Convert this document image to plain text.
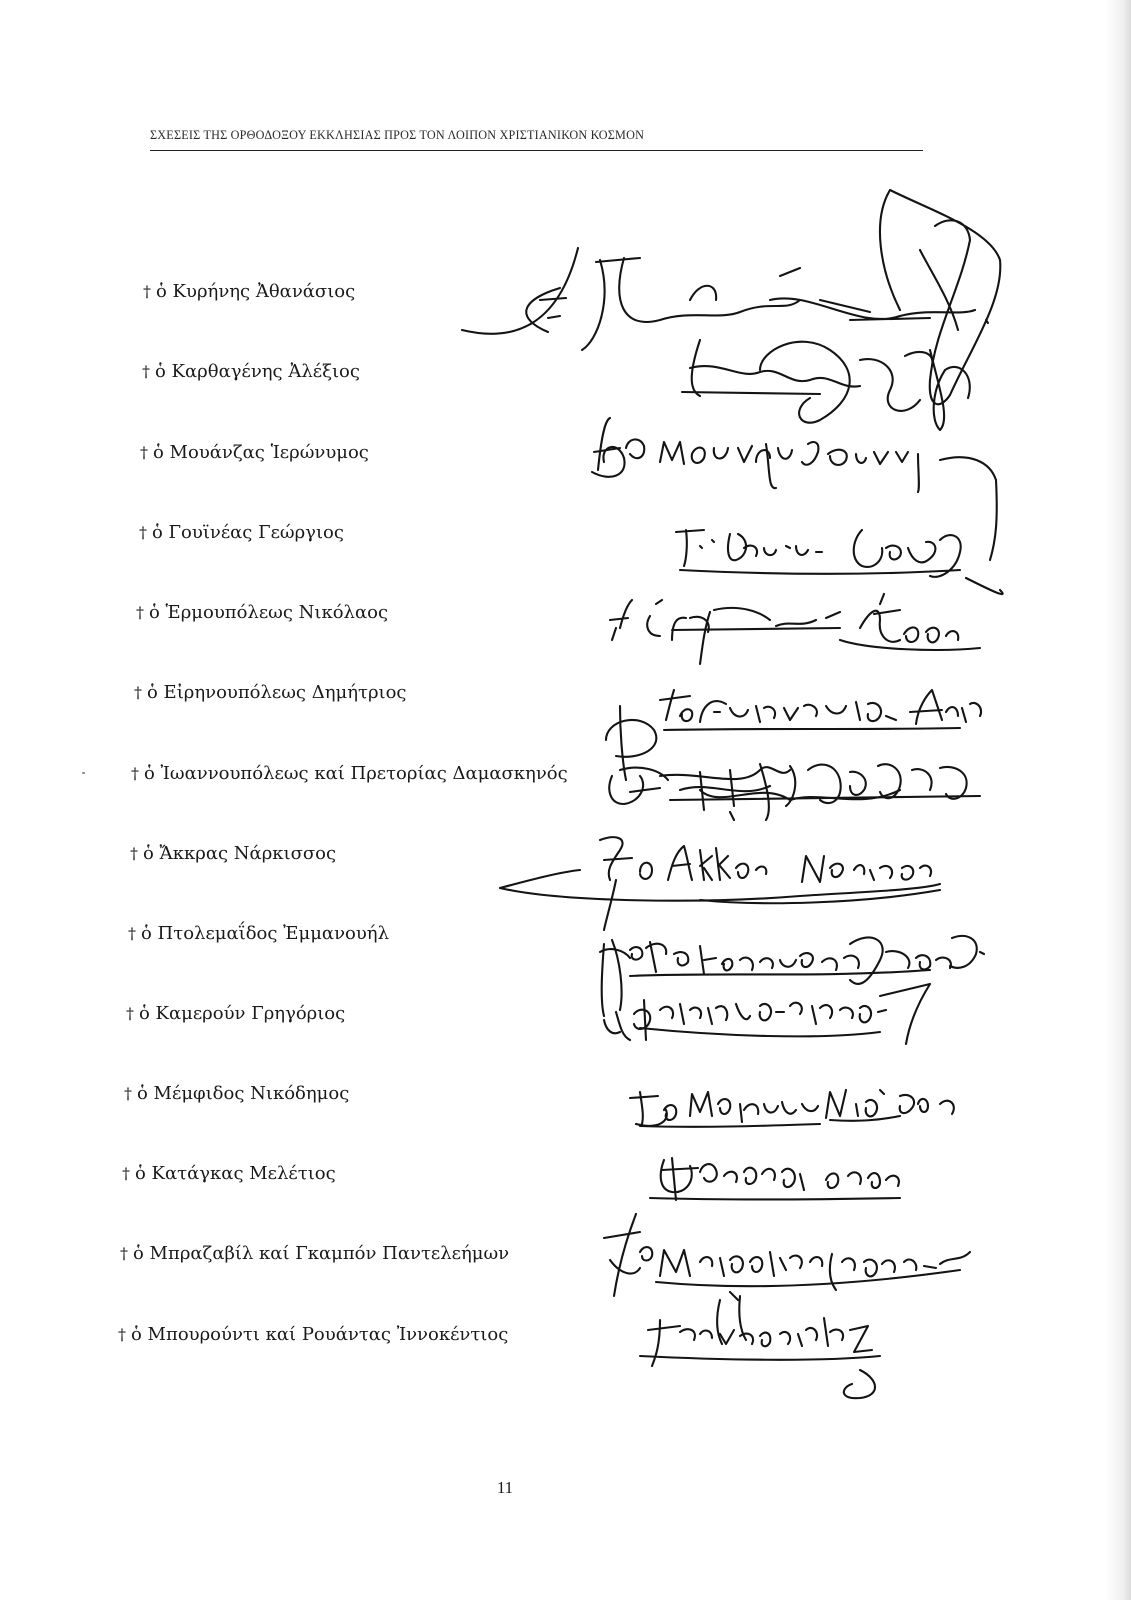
ΣΧΕΣΕΙΣ ΤΗΣ ΟΡΘΟΔΟΞΟΥ ΕΚΚΛΗΣΙΑΣ ΠΡΟΣ ΤΟΝ ΛΟΙΠΟΝ ΧΡΙΣΤΙΑΝΙΚΟΝ ΚΟΣΜΟΝ
† ὁ Κυρήνης Ἀθανάσιος
† ὁ Καρθαγένης Ἀλέξιος
† ὁ Μουάνζας Ἱερώνυμος
† ὁ Γουϊνέας Γεώργιος
† ὁ Ἑρμουπόλεως Νικόλαος
† ὁ Εἰρηνουπόλεως Δημήτριος
† ὁ Ἰωαννουπόλεως καί Πρετορίας Δαμασκηνός
† ὁ Ἄκκρας Νάρκισσος
† ὁ Πτολεμαΐδος Ἐμμανουήλ
† ὁ Καμερούν Γρηγόριος
† ὁ Μέμφιδος Νικόδημος
† ὁ Κατάγκας Μελέτιος
† ὁ Μπραζαβίλ καί Γκαμπόν Παντελεήμων
† ὁ Μπουρούντι καί Ρουάντας Ἰννοκέντιος
11
